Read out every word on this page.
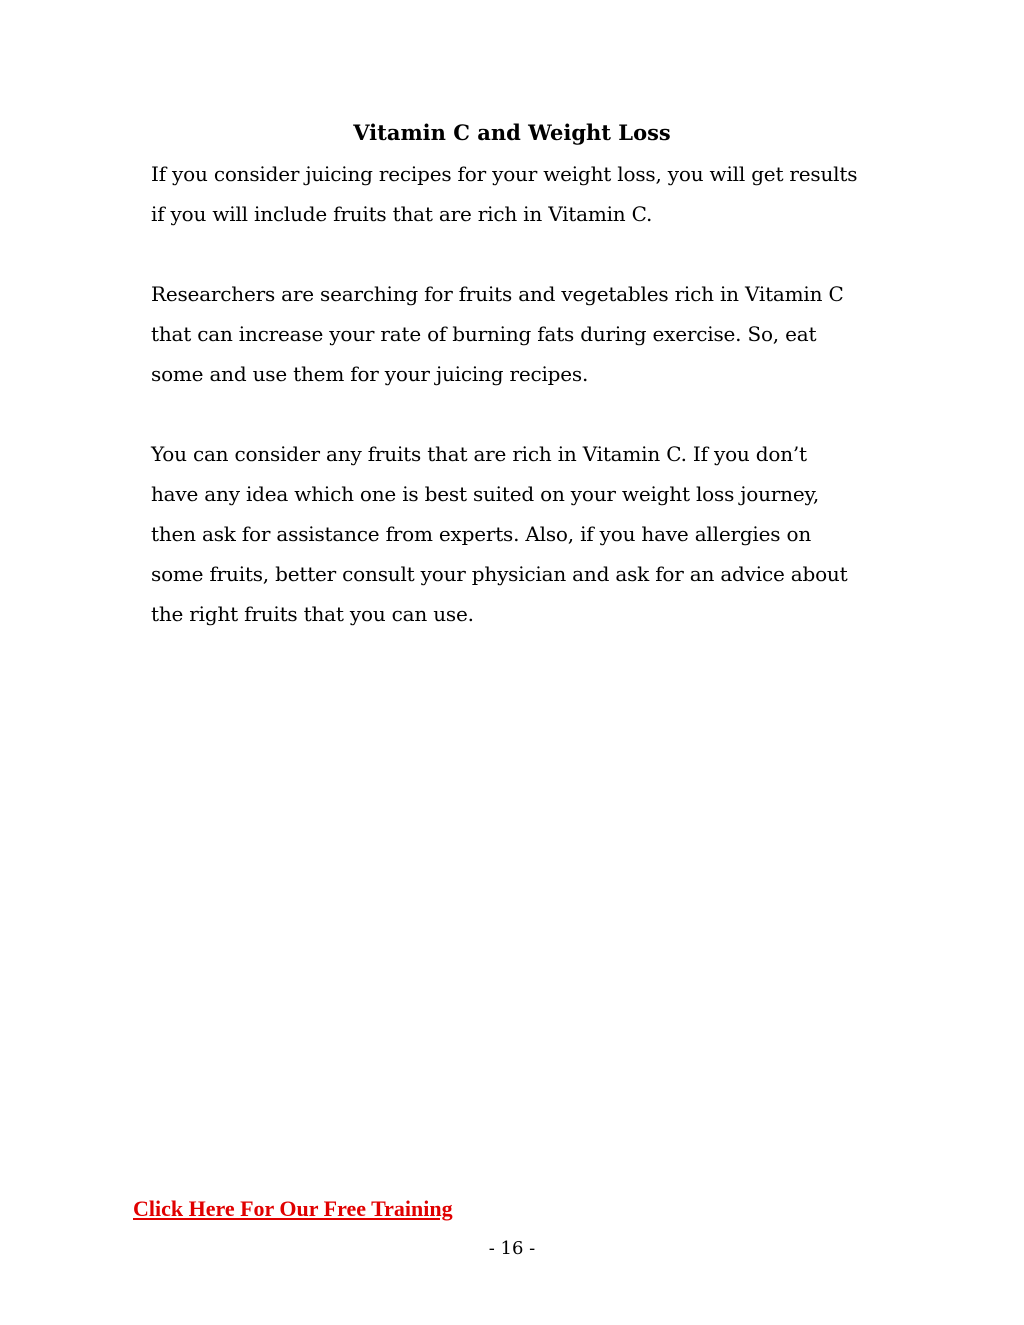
Vitamin C and Weight Loss

If you consider juicing recipes for your weight loss, you will get results
if you will include fruits that are rich in Vitamin C.

Researchers are searching for fruits and vegetables rich in Vitamin C
that can increase your rate of burning fats during exercise. So, eat
some and use them for your juicing recipes.

You can consider any fruits that are rich in Vitamin C. If you don’t
have any idea which one is best suited on your weight loss journey,
then ask for assistance from experts. Also, if you have allergies on
some fruits, better consult your physician and ask for an advice about
the right fruits that you can use.

Click Here For Our Free Training
- 16 -
